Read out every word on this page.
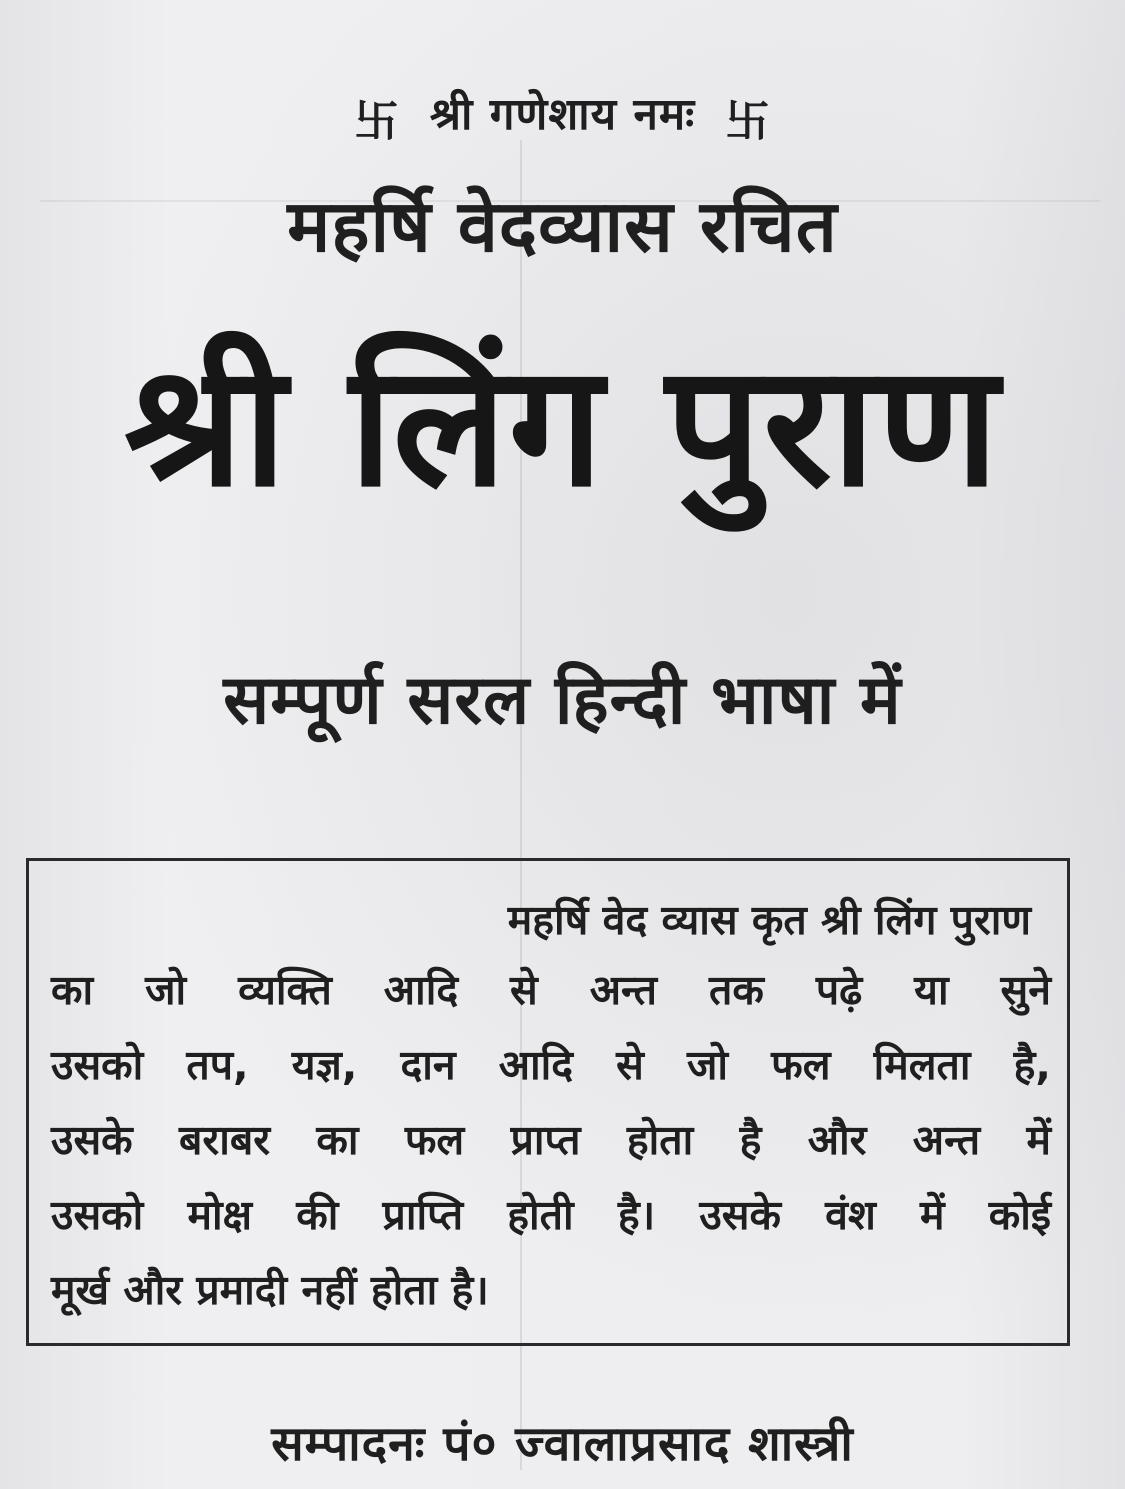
卐 श्री गणेशाय नमः 卐
महर्षि वेदव्यास रचित
श्री लिंग पुराण
सम्पूर्ण सरल हिन्दी भाषा में
महर्षि वेद व्यास कृत श्री लिंग पुराण
का जो व्यक्ति आदि से अन्त तक पढ़े या सुने
उसको तप, यज्ञ, दान आदि से जो फल मिलता है,
उसके बराबर का फल प्राप्त होता है और अन्त में
उसको मोक्ष की प्राप्ति होती है। उसके वंश में कोई
मूर्ख और प्रमादी नहीं होता है।
सम्पादनः पं० ज्वालाप्रसाद शास्त्री
